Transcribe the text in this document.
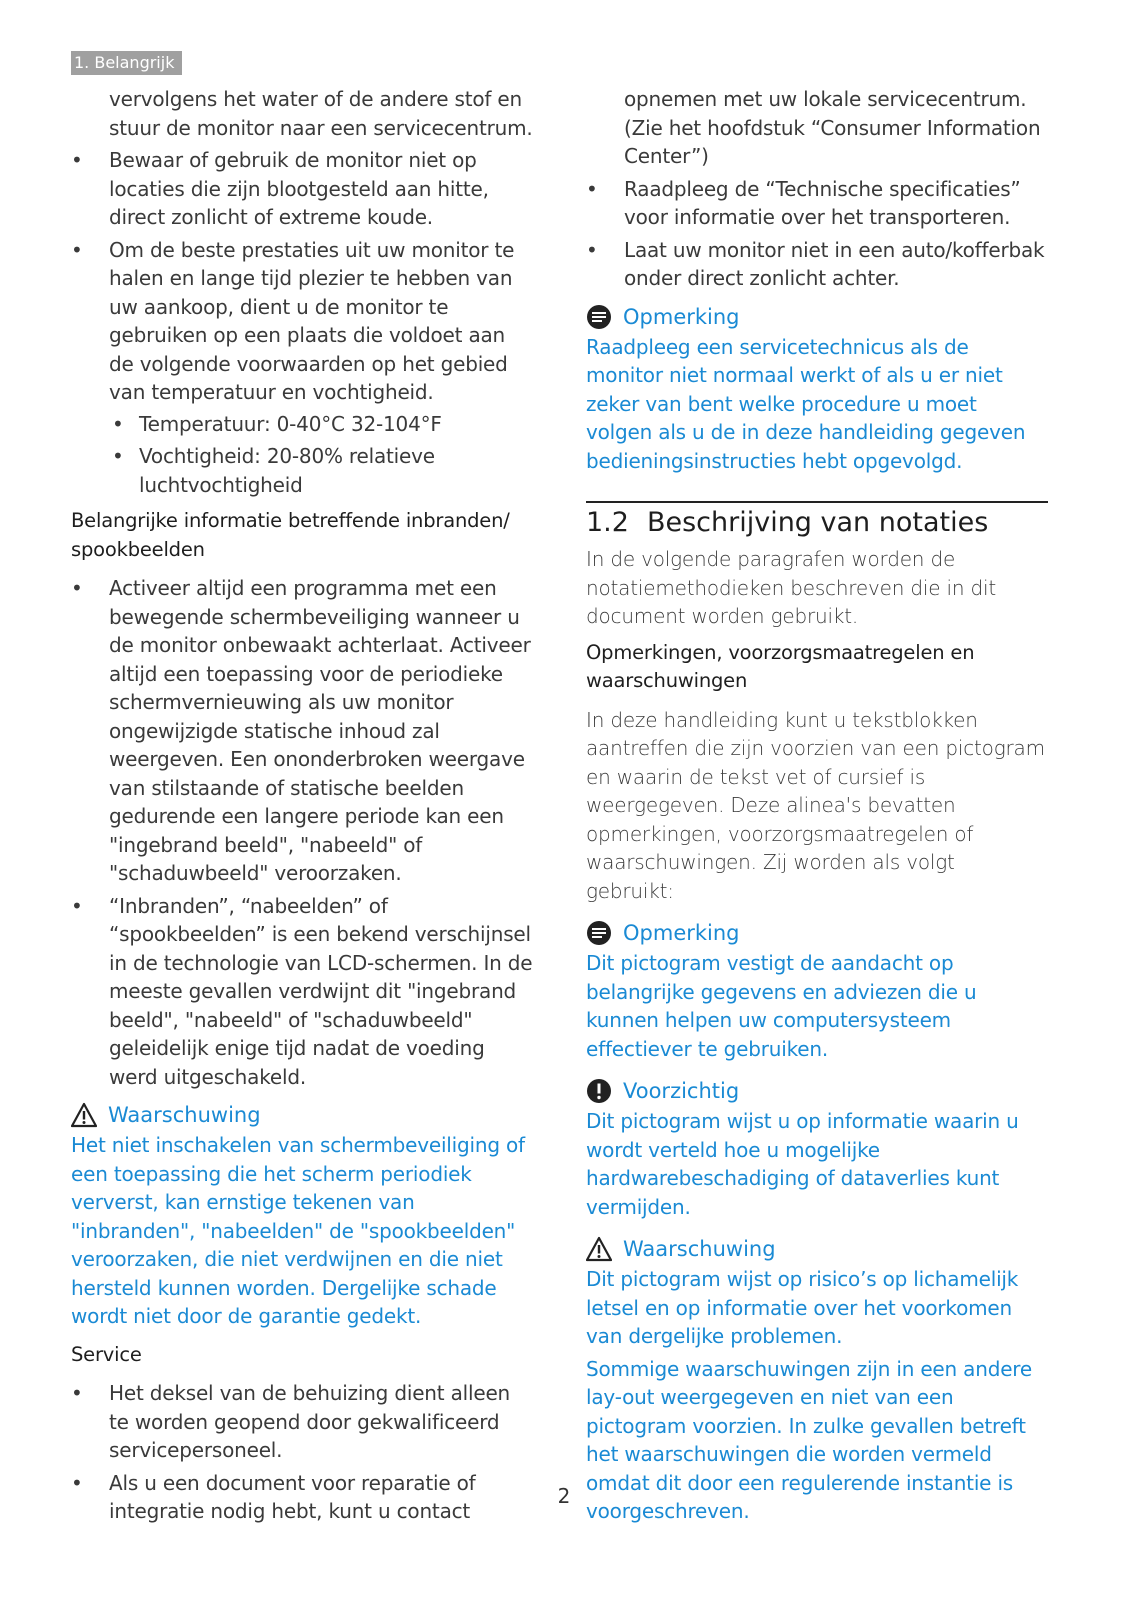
1. Belangrijk
vervolgens het water of de andere stof en stuur de monitor naar een servicecentrum.
• Bewaar of gebruik de monitor niet op locaties die zijn blootgesteld aan hitte, direct zonlicht of extreme koude.
• Om de beste prestaties uit uw monitor te halen en lange tijd plezier te hebben van uw aankoop, dient u de monitor te gebruiken op een plaats die voldoet aan de volgende voorwaarden op het gebied van temperatuur en vochtigheid.
• Temperatuur: 0-40°C 32-104°F
• Vochtigheid: 20-80% relatieve luchtvochtigheid
Belangrijke informatie betreffende inbranden/ spookbeelden
• Activeer altijd een programma met een bewegende schermbeveiliging wanneer u de monitor onbewaakt achterlaat. Activeer altijd een toepassing voor de periodieke schermvernieuwing als uw monitor ongewijzigde statische inhoud zal weergeven. Een ononderbroken weergave van stilstaande of statische beelden gedurende een langere periode kan een "ingebrand beeld", "nabeeld" of "schaduwbeeld" veroorzaken.
• “Inbranden”, “nabeelden” of “spookbeelden” is een bekend verschijnsel in de technologie van LCD-schermen. In de meeste gevallen verdwijnt dit "ingebrand beeld", "nabeeld" of "schaduwbeeld" geleidelijk enige tijd nadat de voeding werd uitgeschakeld.
Waarschuwing
Het niet inschakelen van schermbeveiliging of een toepassing die het scherm periodiek ververst, kan ernstige tekenen van "inbranden", "nabeelden" de "spookbeelden" veroorzaken, die niet verdwijnen en die niet hersteld kunnen worden. Dergelijke schade wordt niet door de garantie gedekt.
Service
• Het deksel van de behuizing dient alleen te worden geopend door gekwalificeerd servicepersoneel.
• Als u een document voor reparatie of integratie nodig hebt, kunt u contact
opnemen met uw lokale servicecentrum. (Zie het hoofdstuk “Consumer Information Center”)
• Raadpleeg de “Technische specificaties” voor informatie over het transporteren.
• Laat uw monitor niet in een auto/kofferbak onder direct zonlicht achter.
Opmerking
Raadpleeg een servicetechnicus als de monitor niet normaal werkt of als u er niet zeker van bent welke procedure u moet volgen als u de in deze handleiding gegeven bedieningsinstructies hebt opgevolgd.
1.2 Beschrijving van notaties
In de volgende paragrafen worden de notatiemethodieken beschreven die in dit document worden gebruikt.
Opmerkingen, voorzorgsmaatregelen en waarschuwingen
In deze handleiding kunt u tekstblokken aantreffen die zijn voorzien van een pictogram en waarin de tekst vet of cursief is weergegeven. Deze alinea's bevatten opmerkingen, voorzorgsmaatregelen of waarschuwingen. Zij worden als volgt gebruikt:
Opmerking
Dit pictogram vestigt de aandacht op belangrijke gegevens en adviezen die u kunnen helpen uw computersysteem effectiever te gebruiken.
Voorzichtig
Dit pictogram wijst u op informatie waarin u wordt verteld hoe u mogelijke hardwarebeschadiging of dataverlies kunt vermijden.
Waarschuwing
Dit pictogram wijst op risico’s op lichamelijk letsel en op informatie over het voorkomen van dergelijke problemen.
Sommige waarschuwingen zijn in een andere lay-out weergegeven en niet van een pictogram voorzien. In zulke gevallen betreft het waarschuwingen die worden vermeld omdat dit door een regulerende instantie is voorgeschreven.
2
